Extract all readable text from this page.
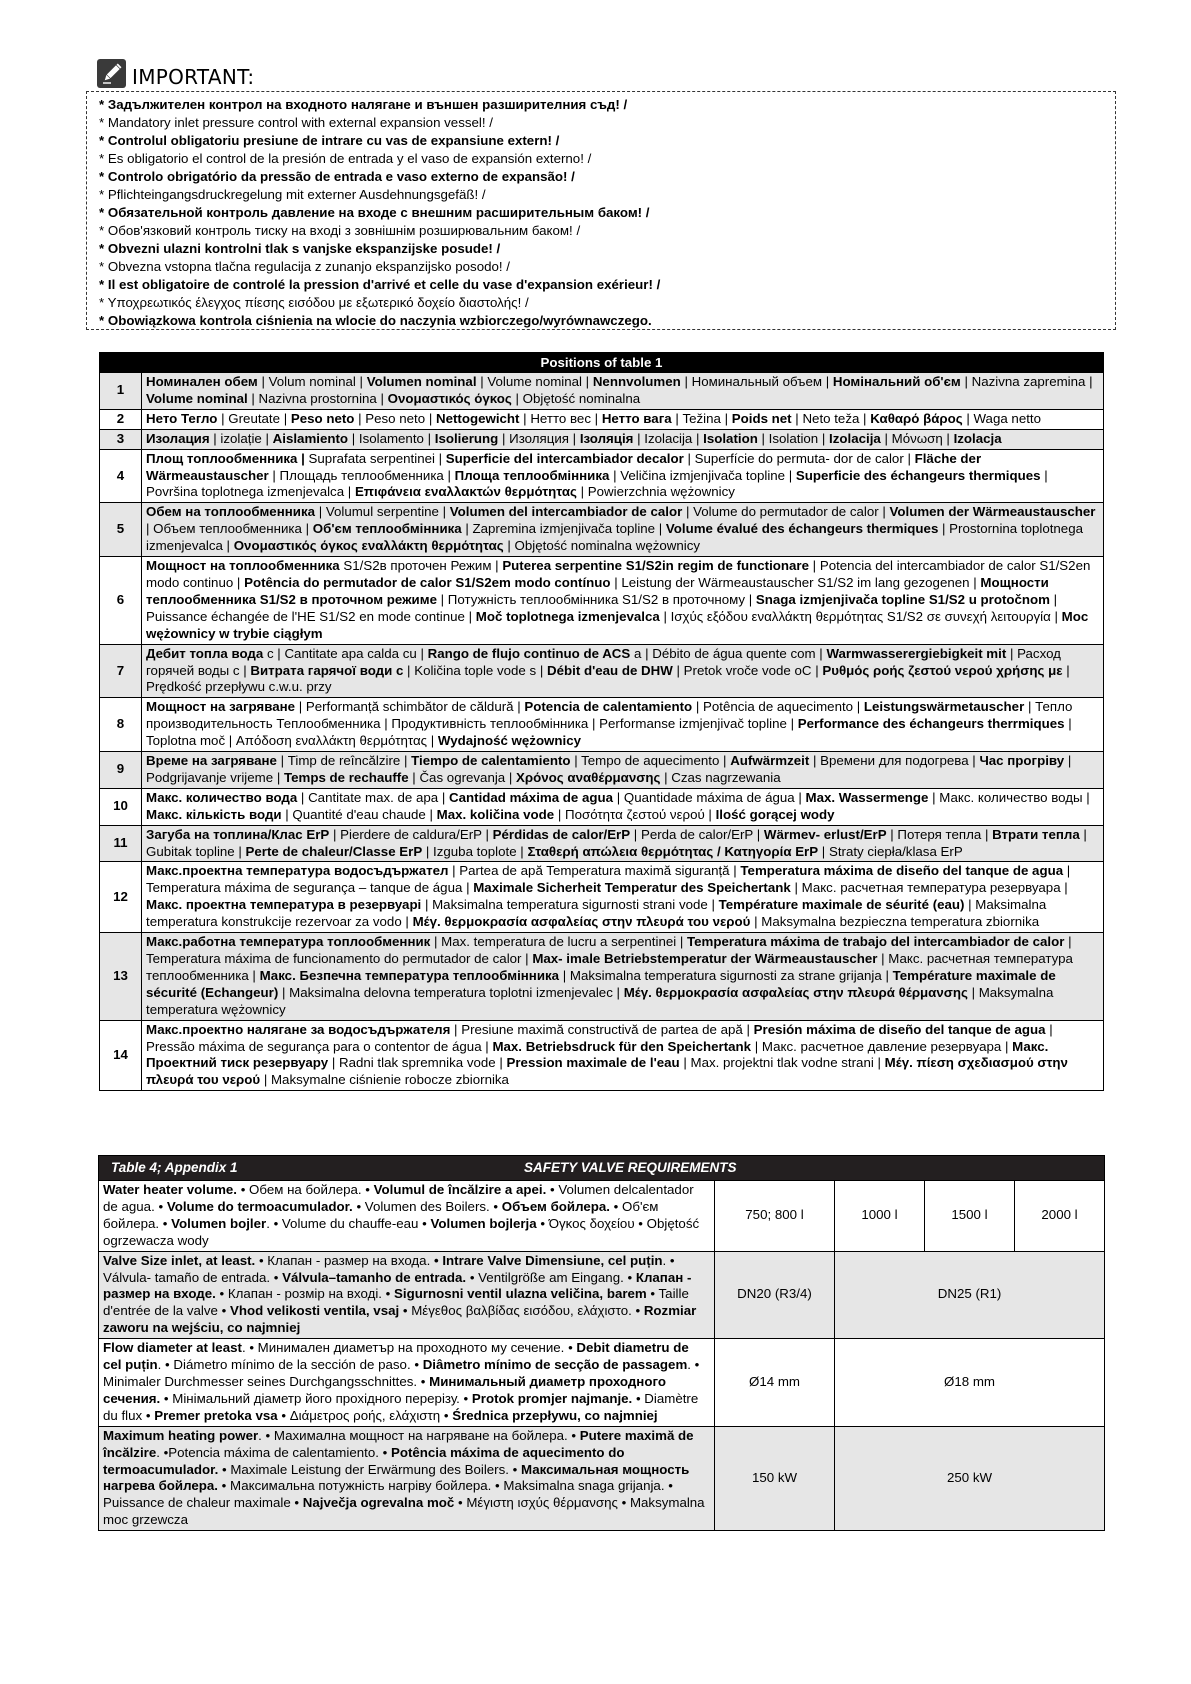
IMPORTANT:
* Задължителен контрол на входното налягане и външен разширителния съд! /
* Mandatory inlet pressure control with external expansion vessel! /
* Controlul obligatoriu presiune de intrare cu vas de expansiune extern! /
* Es obligatorio el control de la presión de entrada y el vaso de expansión externo! /
* Controlo obrigatório da pressão de entrada e vaso externo de expansão! /
* Pflichteingangsdruckregelung mit externer Ausdehnungsgefäß! /
* Обязательной контроль давление на входе с внешним расширительным баком! /
* Обов'язковий контроль тиску на вході з зовнішнім розширювальним баком! /
* Obvezni ulazni kontrolni tlak s vanjske ekspanzijske posude! /
* Obvezna vstopna tlačna regulacija z zunanjo ekspanzijsko posodo! /
* Il est obligatoire de controlé la pression d'arrivé et celle du vase d'expansion exérieur! /
* Υποχρεωτικός έλεγχος πίεσης εισόδου με εξωτερικό δοχείο διαστολής! /
* Obowiązkowa kontrola ciśnienia na wlocie do naczynia wzbiorczego/wyrównawczego.
Positions of table 1	
1	Номинален обем | Volum nominal | Volumen nominal | Volume nominal | Nennvolumen | Номинальный объем | Номінальний об'єм | Nazivna zapremina | Volume nominal | Nazivna prostornina | Ονομαστικός όγκος | Objętość nominalna
2	Нето Тегло | Greutate | Peso neto | Peso neto | Nettogewicht | Нетто вес | Нетто вага | Težina | Poids net | Neto teža | Καθαρό βάρος | Waga netto
3	Изолация | izolație | Aislamiento | Isolamento | Isolierung | Изоляция | Ізоляція | Izolacija | Isolation | Isolation | Izolacija | Μόνωση | Izolacja
4	Площ топлообменника | Suprafata serpentinei | Superficie del intercambiador decalor | Superfície do permuta- dor de calor | Fläche der Wärmeaustauscher | Площадь теплообменника | Площа теплообмінника | Veličina izmjenjivača topline | Superficie des échangeurs thermiques | Površina toplotnega izmenjevalca | Επιφάνεια εναλλακτών θερμότητας | Powierzchnia wężownicy
5	Обем на топлообменника | Volumul serpentine | Volumen del intercambiador de calor | Volume do permutador de calor | Volumen der Wärmeaustauscher | Объем теплообменника | Об'єм теплообмінника | Zapremina izmjenjivača topline | Volume évalué des échangeurs thermiques | Prostornina toplotnega izmenjevalca | Ονομαστικός όγκος εναλλάκτη θερμότητας | Objętość nominalna wężownicy
6	Мощност на топлообменника S1/S2в проточен Режим | Puterea serpentine S1/S2in regim de functionare | Potencia del intercambiador de calor S1/S2en modo continuo | Potência do permutador de calor S1/S2em modo contínuo | Leistung der Wärmeaustauscher S1/S2 im lang gezogenen | Мощности теплообменника S1/S2 в проточном режиме | Потужність теплообмінника S1/S2 в проточному | Snaga izmjenjivača topline S1/S2 u protočnom | Puissance échangée de l'HE S1/S2 en mode continue | Moč toplotnega izmenjevalca | Ισχύς εξόδου εναλλάκτη θερμότητας S1/S2 σε συνεχή λειτουργία | Moc wężownicy w trybie ciągłym
7	Дебит топла вода с | Cantitate apa calda cu | Rango de flujo continuo de ACS a | Débito de água quente com | Warmwasserergiebigkeit mit | Расход горячей воды с | Витрата гарячої води с | Količina tople vode s | Débit d'eau de DHW | Pretok vroče vode oC | Ρυθμός ροής ζεστού νερού χρήσης με | Prędkość przepływu c.w.u. przy
8	Мощност на загряване | Performanță schimbător de căldură | Potencia de calentamiento | Potência de aquecimento | Leistungswärmetauscher | Тепло производительность Теплообменника | Продуктивність теплообмінника | Performanse izmjenjivač topline | Performance des échangeurs therrmiques | Toplotna moč | Απόδοση εναλλάκτη θερμότητας | Wydajność wężownicy
9	Време на загряване | Timp de reîncălzire | Tiempo de calentamiento | Tempo de aquecimento | Aufwärmzeit | Времени для подогрева | Час прогріву | Podgrijavanje vrijeme | Temps de rechauffe | Čas ogrevanja | Χρόνος αναθέρμανσης | Czas nagrzewania
10	Макс. количество вода | Cantitate max. de apa | Cantidad máxima de agua | Quantidade máxima de água | Max. Wassermenge | Макс. количество воды | Макс. кількість води | Quantité d'eau chaude | Max. količina vode | Ποσότητα ζεστού νερού | Ilość gorącej wody
11	Загуба на топлина/Клас ErP | Pierdere de caldura/ErP | Pérdidas de calor/ErP | Perda de calor/ErP | Wärmev- erlust/ErP | Потеря тепла | Втрати тепла | Gubitak topline | Perte de chaleur/Classe ErP | Izguba toplote | Σταθερή απώλεια θερμότητας / Κατηγορία ErP | Straty ciepła/klasa ErP
12	Макс.проектна температура водосъдържател | Partea de apă Temperatura maximă siguranță | Temperatura máxima de diseño del tanque de agua | Temperatura máxima de segurança – tanque de água | Maximale Sicherheit Temperatur des Speichertank | Макс. расчетная температура резервуара | Макс. проектна температура в резервуарі | Maksimalna temperatura sigurnosti strani vode | Température maximale de séurité (eau) | Maksimalna temperatura konstrukcije rezervoar za vodo | Μέγ. θερμοκρασία ασφαλείας στην πλευρά του νερού | Maksymalna bezpieczna temperatura zbiornika
13	Макс.работна температура топлообменник | Max. temperatura de lucru a serpentinei | Temperatura máxima de trabajo del intercambiador de calor | Temperatura máxima de funcionamento do permutador de calor | Max- imale Betriebstemperatur der Wärmeaustauscher | Макс. расчетная температура теплообменника | Макс. Безпечна температура теплообмінника | Maksimalna temperatura sigurnosti za strane grijanja | Température maximale de sécurité (Echangeur) | Maksimalna delovna temperatura toplotni izmenjevalec | Μέγ. θερμοκρασία ασφαλείας στην πλευρά θέρμανσης | Maksymalna temperatura wężownicy
14	Макс.проектно налягане за водосъдържателя | Presiune maximă constructivă de partea de apă | Presión máxima de diseño del tanque de agua | Pressão máxima de segurança para o contentor de água | Max. Betriebsdruck für den Speichertank | Макс. расчетное давление резервуара | Макс. Проектний тиск резервуару | Radni tlak spremnika vode | Pression maximale de l'eau | Max. projektni tlak vodne strani | Μέγ. πίεση σχεδιασμού στην πλευρά του νερού | Maksymalne ciśnienie robocze zbiornika
Table 4; Appendix 1 SAFETY VALVE REQUIREMENTS				

Water heater volume. • Обем на бойлера. • Volumul de încălzire a apei. • Volumen delcalentador de agua. • Volume do termoacumulador. • Volumen des Boilers. • Объем бойлера. • Об'єм бойлера. • Volumen bojler. • Volume du chauffe-eau • Volumen bojlerja • Όγκος δοχείου • Objętość ogrzewacza wody	750; 800 l	1000 l	1500 l	2000 l
Valve Size inlet, at least. • Клапан - размер на входа. • Intrare Valve Dimensiune, cel puțin. • Válvula- tamaño de entrada. • Válvula–tamanho de entrada. • Ventilgröße am Eingang. • Клапан - размер на входе. • Клапан - розмір на вході. • Sigurnosni ventil ulazna veličina, barem • Taille d'entrée de la valve • Vhod velikosti ventila, vsaj • Μέγεθος βαλβίδας εισόδου, ελάχιστο. • Rozmiar zaworu na wejściu, co najmniej	DN20 (R3/4)	DN25 (R1)		
Flow diameter at least. • Минимален диаметър на проходното му сечение. • Debit diametru de cel puțin. • Diámetro mínimo de la sección de paso. • Diâmetro mínimo de secção de passagem. • Minimaler Durchmesser seines Durchgangsschnittes. • Минимальный диаметр проходного сечения. • Мінімальний діаметр його прохідного перерізу. • Protok promjer najmanje. • Diamètre du flux • Premer pretoka vsa • Διάμετρος ροής, ελάχιστη • Średnica przepływu, co najmniej	Ø14 mm	Ø18 mm		
Maximum heating power. • Махимална мощност на нагряване на бойлера. • Putere maximă de încălzire. •Potencia máxima de calentamiento. • Potência máxima de aquecimento do termoacumulador. • Maximale Leistung der Erwärmung des Boilers. • Максимальная мощность нагрева бойлера. • Максимальна потужність нагріву бойлера. • Maksimalna snaga grijanja. • Puissance de chaleur maximale • Največja ogrevalna moč • Μέγιστη ισχύς θέρμανσης • Maksymalna moc grzewcza	150 kW	250 kW		
